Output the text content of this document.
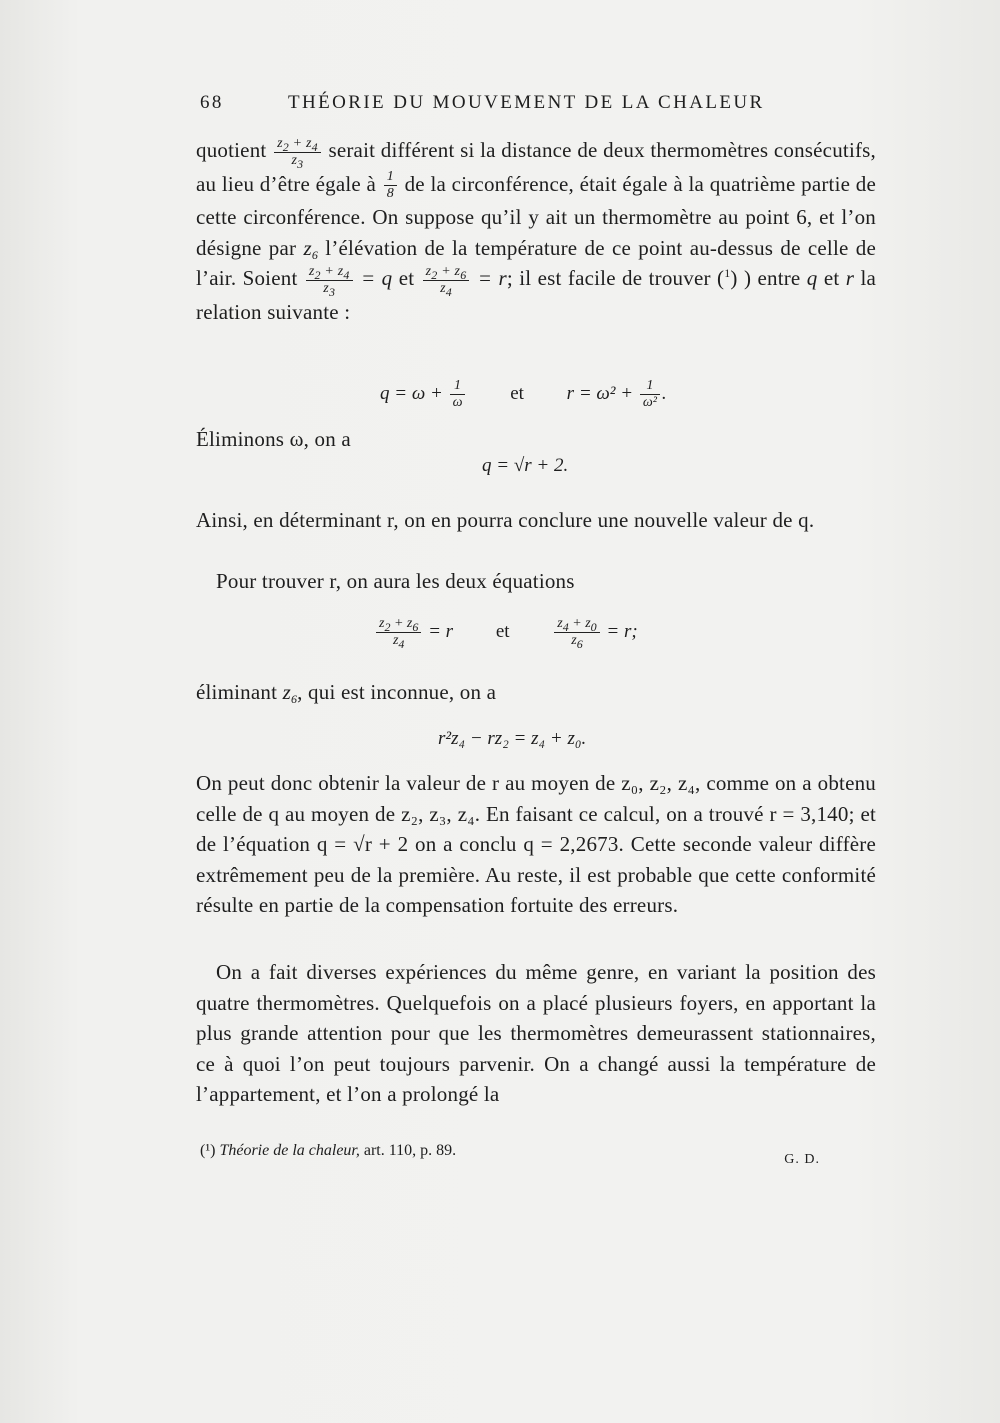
68	THÉORIE DU MOUVEMENT DE LA CHALEUR
quotient $\frac{z_2 + z_4}{z_3}$ serait différent si la distance de deux thermomètres consécutifs, au lieu d’être égale à $\frac{1}{8}$ de la circonférence, était égale à la quatrième partie de cette circonférence. On suppose qu’il y ait un thermomètre au point 6, et l’on désigne par $z_6$ l’élévation de la température de ce point au-dessus de celle de l’air. Soient $\frac{z_2 + z_4}{z_3} = q$ et $\frac{z_2 + z_6}{z_4} = r$; il est facile de trouver ($^1$) ) entre q et r la relation suivante :
$q = \omega + \frac{1}{\omega}$ et $r = \omega^2 + \frac{1}{\text{ω²}}$ .
Éliminons ω, on a
q = √r + 2.
Ainsi, en déterminant r, on en pourra conclure une nouvelle valeur de q.
Pour trouver r, on aura les deux équations
$\frac{z_2 + z_6}{z_4} = r$ et	$\frac{z_4 + z_0}{z_6} = r$;
éliminant $z_6$, qui est inconnue, on a
r²z₄ − rz₂ = z₄ + z₀.
On peut donc obtenir la valeur de r au moyen de z₀, z₂, z₄, comme on a obtenu celle de q au moyen de z₂, z₃, z₄. En faisant ce calcul, on a trouvé r = 3,140; et de l’équation q = √r + 2 on a conclu q = 2,2673. Cette seconde valeur diffère extrêmement peu de la première. Au reste, il est probable que cette conformité résulte en partie de la compensation fortuite des erreurs.
On a fait diverses expériences du même genre, en variant la position des quatre thermomètres. Quelquefois on a placé plusieurs foyers, en apportant la plus grande attention pour que les thermomètres demeurassent stationnaires, ce à quoi l’on peut toujours parvenir. On a changé aussi la température de l’appartement, et l’on a prolongé la
(¹) Théorie de la chaleur, art. 110, p. 89.
G. D.
